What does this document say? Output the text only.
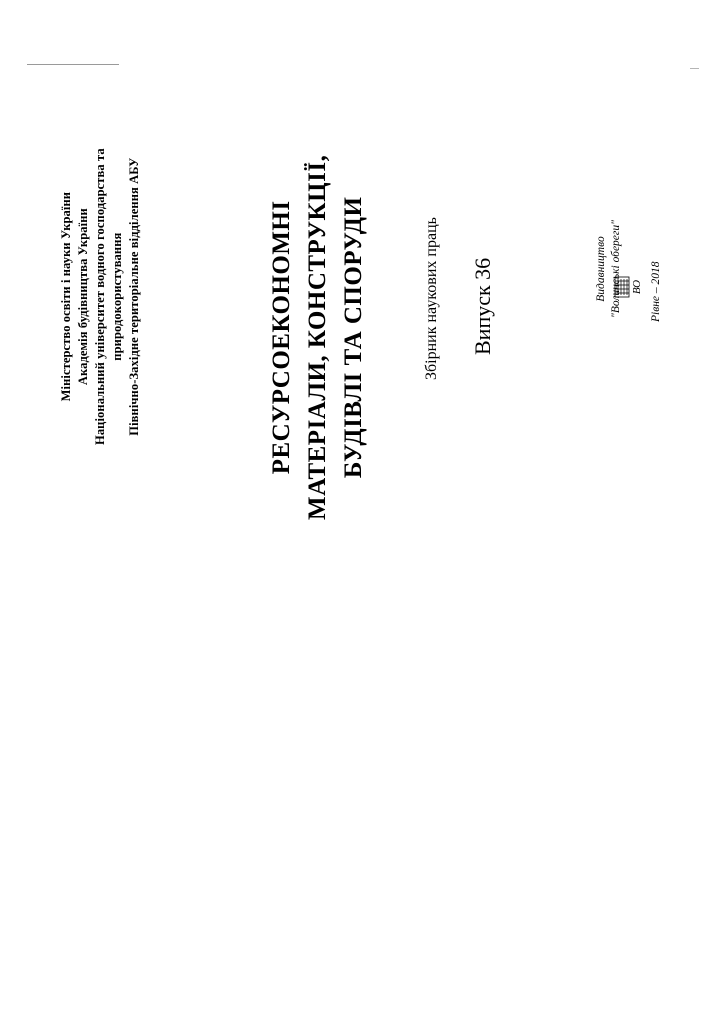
Міністерство освіти і науки України Академія будівництва України Національний університет водного господарства та природокористування Північно-Західне територіальне відділення АБУ	РЕСУРСОЕКОНОМНІ МАТЕРІАЛИ, КОНСТРУКЦІЇ, БУДІВЛІ ТА СПОРУДИ	Збірник наукових праць Випуск 36	ВО
Видавництво "Волинські обереги" Рівне – 2018
